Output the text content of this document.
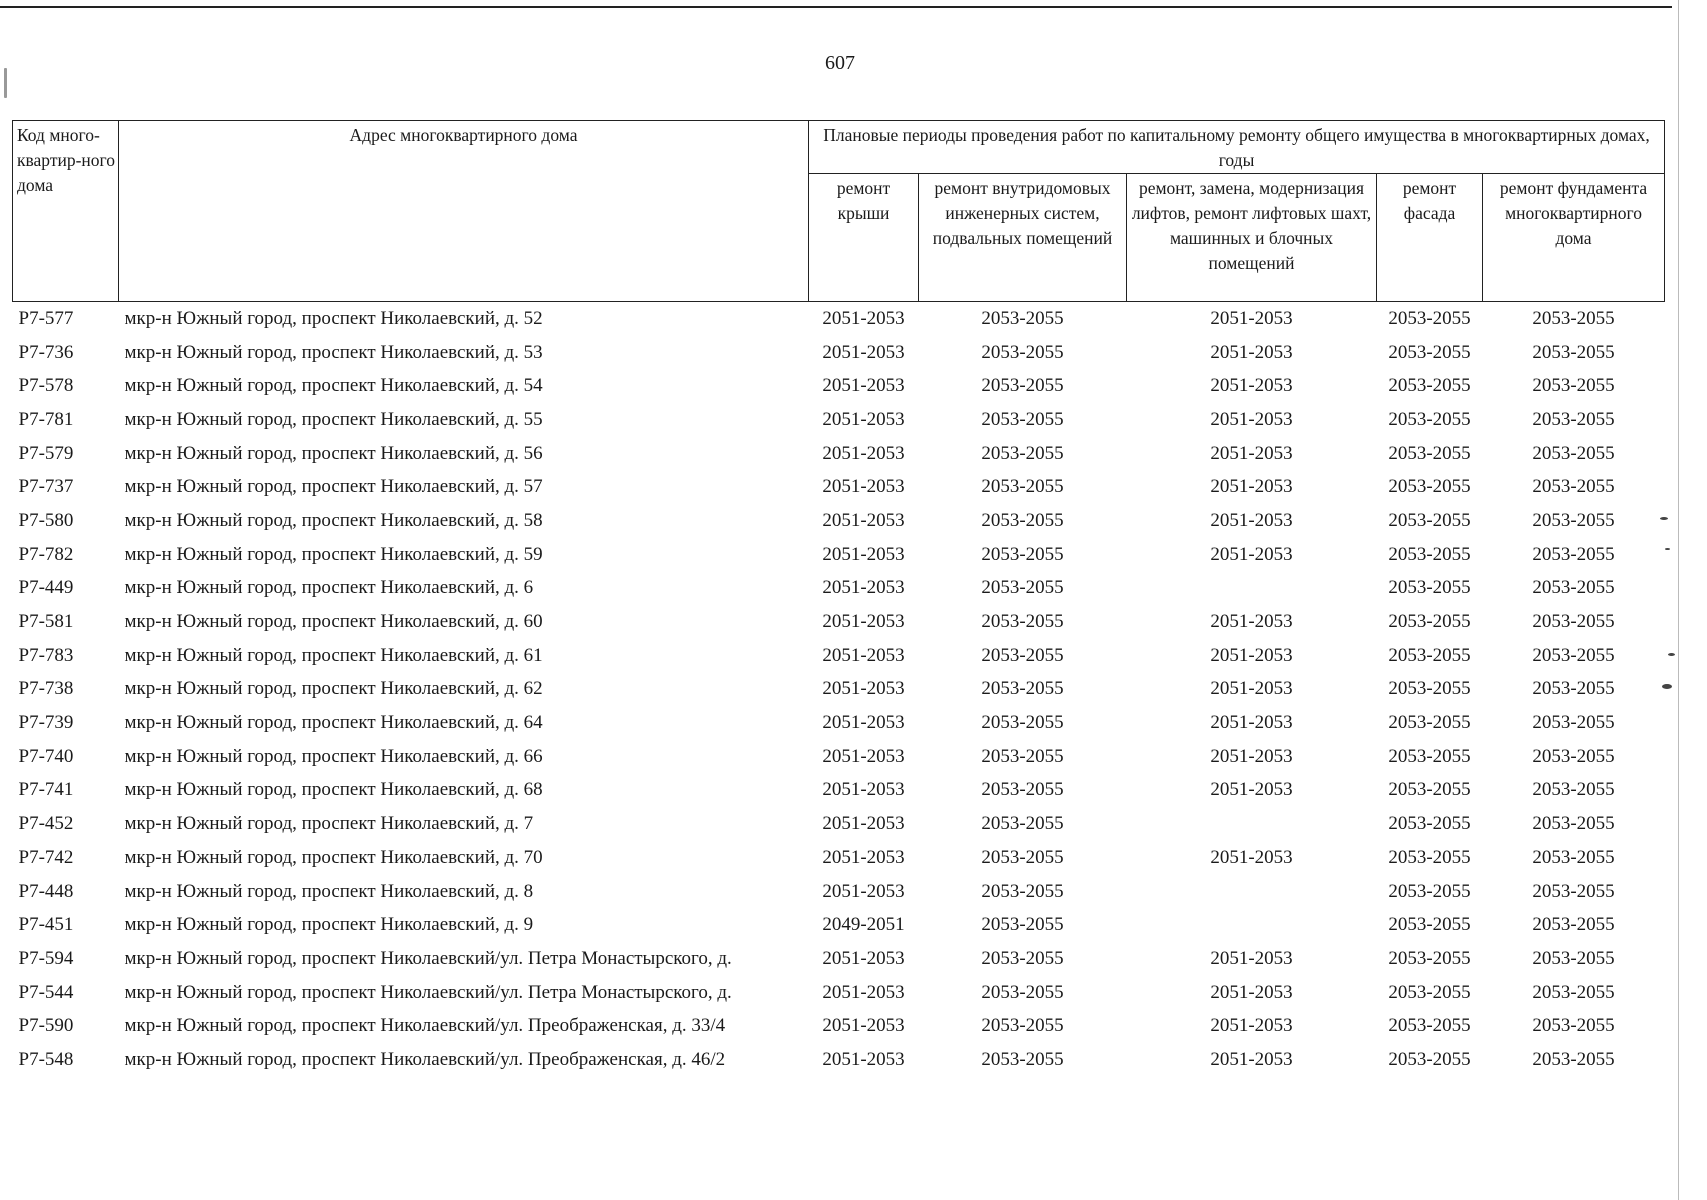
607
Код много-квартир-ного дома	Адрес многоквартирного дома	Плановые периоды проведения работ по капитальному ремонту общего имущества в многоквартирных домах, годы				
		ремонт крыши	ремонт внутридомовых инженерных систем, подвальных помещений	ремонт, замена, модернизация лифтов, ремонт лифтовых шахт, машинных и блочных помещений	ремонт фасада	ремонт фундамента многоквартирного дома
Р7-577	мкр-н Южный город, проспект Николаевский, д. 52	2051-2053	2053-2055	2051-2053	2053-2055	2053-2055
Р7-736	мкр-н Южный город, проспект Николаевский, д. 53	2051-2053	2053-2055	2051-2053	2053-2055	2053-2055
Р7-578	мкр-н Южный город, проспект Николаевский, д. 54	2051-2053	2053-2055	2051-2053	2053-2055	2053-2055
Р7-781	мкр-н Южный город, проспект Николаевский, д. 55	2051-2053	2053-2055	2051-2053	2053-2055	2053-2055
Р7-579	мкр-н Южный город, проспект Николаевский, д. 56	2051-2053	2053-2055	2051-2053	2053-2055	2053-2055
Р7-737	мкр-н Южный город, проспект Николаевский, д. 57	2051-2053	2053-2055	2051-2053	2053-2055	2053-2055
Р7-580	мкр-н Южный город, проспект Николаевский, д. 58	2051-2053	2053-2055	2051-2053	2053-2055	2053-2055
Р7-782	мкр-н Южный город, проспект Николаевский, д. 59	2051-2053	2053-2055	2051-2053	2053-2055	2053-2055
Р7-449	мкр-н Южный город, проспект Николаевский, д. 6	2051-2053	2053-2055		2053-2055	2053-2055
Р7-581	мкр-н Южный город, проспект Николаевский, д. 60	2051-2053	2053-2055	2051-2053	2053-2055	2053-2055
Р7-783	мкр-н Южный город, проспект Николаевский, д. 61	2051-2053	2053-2055	2051-2053	2053-2055	2053-2055
Р7-738	мкр-н Южный город, проспект Николаевский, д. 62	2051-2053	2053-2055	2051-2053	2053-2055	2053-2055
Р7-739	мкр-н Южный город, проспект Николаевский, д. 64	2051-2053	2053-2055	2051-2053	2053-2055	2053-2055
Р7-740	мкр-н Южный город, проспект Николаевский, д. 66	2051-2053	2053-2055	2051-2053	2053-2055	2053-2055
Р7-741	мкр-н Южный город, проспект Николаевский, д. 68	2051-2053	2053-2055	2051-2053	2053-2055	2053-2055
Р7-452	мкр-н Южный город, проспект Николаевский, д. 7	2051-2053	2053-2055		2053-2055	2053-2055
Р7-742	мкр-н Южный город, проспект Николаевский, д. 70	2051-2053	2053-2055	2051-2053	2053-2055	2053-2055
Р7-448	мкр-н Южный город, проспект Николаевский, д. 8	2051-2053	2053-2055		2053-2055	2053-2055
Р7-451	мкр-н Южный город, проспект Николаевский, д. 9	2049-2051	2053-2055		2053-2055	2053-2055
Р7-594	мкр-н Южный город, проспект Николаевский/ул. Петра Монастырского, д.	2051-2053	2053-2055	2051-2053	2053-2055	2053-2055
Р7-544	мкр-н Южный город, проспект Николаевский/ул. Петра Монастырского, д.	2051-2053	2053-2055	2051-2053	2053-2055	2053-2055
Р7-590	мкр-н Южный город, проспект Николаевский/ул. Преображенская, д. 33/4	2051-2053	2053-2055	2051-2053	2053-2055	2053-2055
Р7-548	мкр-н Южный город, проспект Николаевский/ул. Преображенская, д. 46/2	2051-2053	2053-2055	2051-2053	2053-2055	2053-2055
